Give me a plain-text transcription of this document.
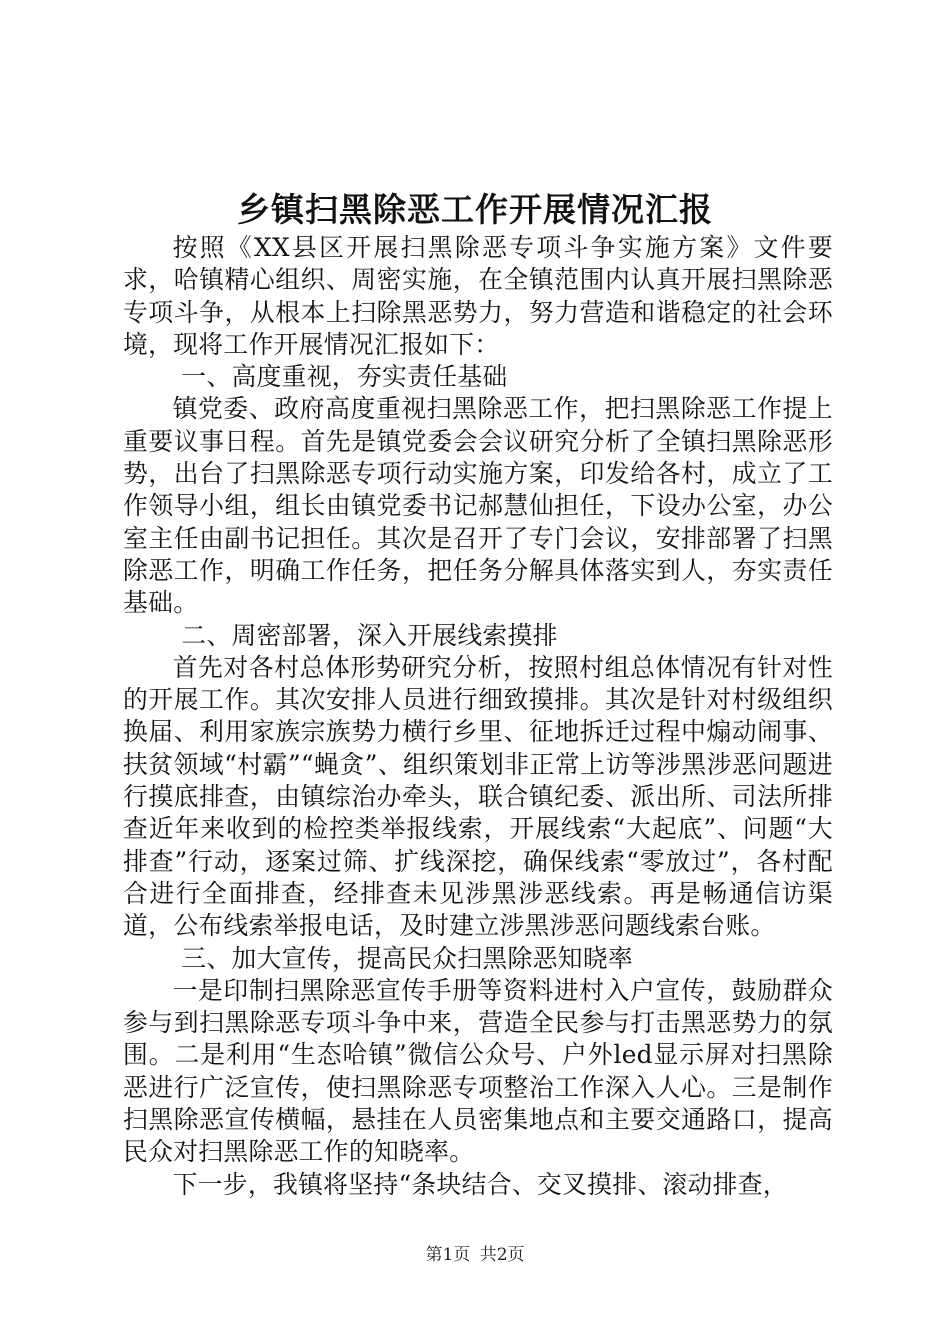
乡镇扫黑除恶工作开展情况汇报

按照《XX县区开展扫黑除恶专项斗争实施方案》文件要求，哈镇精心组织、周密实施，在全镇范围内认真开展扫黑除恶专项斗争，从根本上扫除黑恶势力，努力营造和谐稳定的社会环境，现将工作开展情况汇报如下：

一、高度重视，夯实责任基础

镇党委、政府高度重视扫黑除恶工作，把扫黑除恶工作提上重要议事日程。首先是镇党委会会议研究分析了全镇扫黑除恶形势，出台了扫黑除恶专项行动实施方案，印发给各村，成立了工作领导小组，组长由镇党委书记郝慧仙担任，下设办公室，办公室主任由副书记担任。其次是召开了专门会议，安排部署了扫黑除恶工作，明确工作任务，把任务分解具体落实到人，夯实责任基础。

二、周密部署，深入开展线索摸排

首先对各村总体形势研究分析，按照村组总体情况有针对性的开展工作。其次安排人员进行细致摸排。其次是针对村级组织换届、利用家族宗族势力横行乡里、征地拆迁过程中煽动闹事、扶贫领域“村霸”“蝇贪”、组织策划非正常上访等涉黑涉恶问题进行摸底排查，由镇综治办牵头，联合镇纪委、派出所、司法所排查近年来收到的检控类举报线索，开展线索“大起底”、问题“大排查”行动，逐案过筛、扩线深挖，确保线索“零放过”，各村配合进行全面排查，经排查未见涉黑涉恶线索。再是畅通信访渠道，公布线索举报电话，及时建立涉黑涉恶问题线索台账。

三、加大宣传，提高民众扫黑除恶知晓率

一是印制扫黑除恶宣传手册等资料进村入户宣传，鼓励群众参与到扫黑除恶专项斗争中来，营造全民参与打击黑恶势力的氛围。二是利用“生态哈镇”微信公众号、户外led显示屏对扫黑除恶进行广泛宣传，使扫黑除恶专项整治工作深入人心。三是制作扫黑除恶宣传横幅，悬挂在人员密集地点和主要交通路口，提高民众对扫黑除恶工作的知晓率。

下一步，我镇将坚持“条块结合、交叉摸排、滚动排查，

第1页 共2页
